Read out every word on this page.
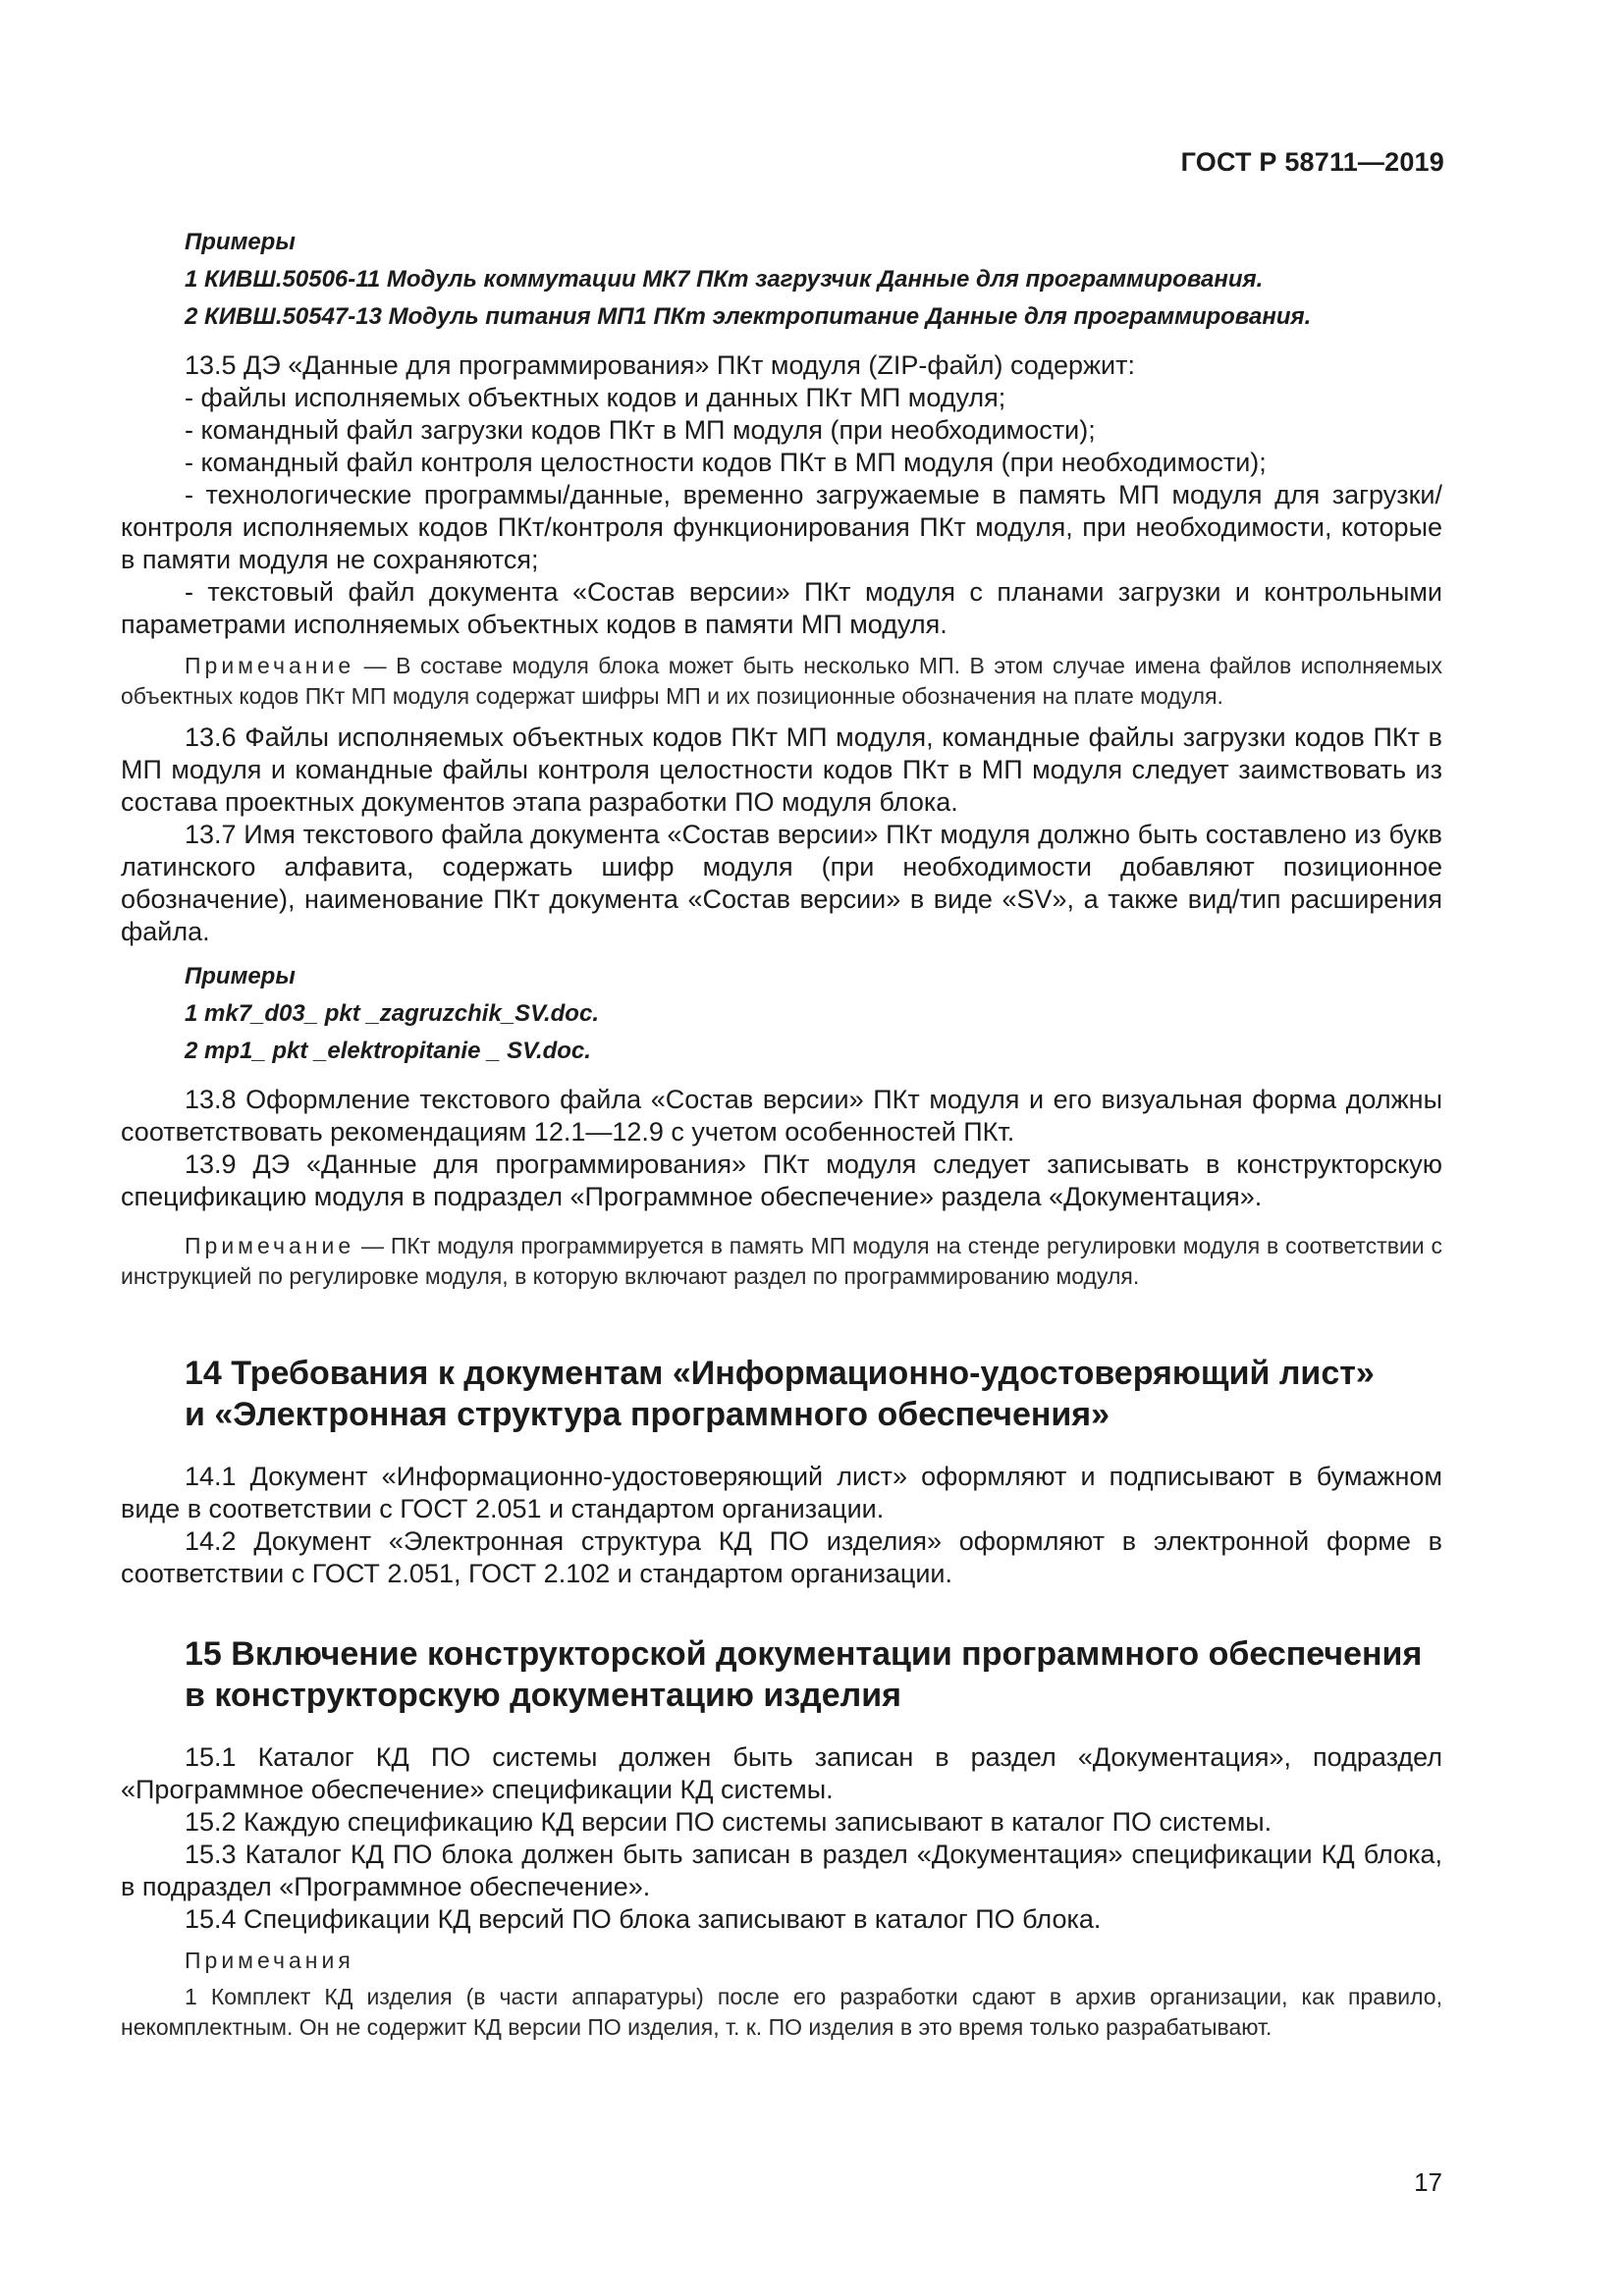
ГОСТ Р 58711—2019
Примеры
1 КИВШ.50506-11 Модуль коммутации МК7 ПКт загрузчик Данные для программирования.
2 КИВШ.50547-13 Модуль питания МП1 ПКт электропитание Данные для программирования.

13.5 ДЭ «Данные для программирования» ПКт модуля (ZIP-файл) содержит:

- файлы исполняемых объектных кодов и данных ПКт МП модуля;

- командный файл загрузки кодов ПКт в МП модуля (при необходимости);

- командный файл контроля целостности кодов ПКт в МП модуля (при необходимости);

- технологические программы/данные, временно загружаемые в память МП модуля для загрузки/контроля исполняемых кодов ПКт/контроля функционирования ПКт модуля, при необходимости, которые в памяти модуля не сохраняются;

- текстовый файл документа «Состав версии» ПКт модуля с планами загрузки и контрольными параметрами исполняемых объектных кодов в памяти МП модуля.

Примечание — В составе модуля блока может быть несколько МП. В этом случае имена файлов исполняемых объектных кодов ПКт МП модуля содержат шифры МП и их позиционные обозначения на плате модуля.

13.6 Файлы исполняемых объектных кодов ПКт МП модуля, командные файлы загрузки кодов ПКт в МП модуля и командные файлы контроля целостности кодов ПКт в МП модуля следует заимствовать из состава проектных документов этапа разработки ПО модуля блока.

13.7 Имя текстового файла документа «Состав версии» ПКт модуля должно быть составлено из букв латинского алфавита, содержать шифр модуля (при необходимости добавляют позиционное обозначение), наименование ПКт документа «Состав версии» в виде «SV», а также вид/тип расширения файла.

Примеры
1 mk7_d03_ pkt _zagruzchik_SV.doc.
2 mp1_ pkt _elektropitanie _ SV.doc.

13.8 Оформление текстового файла «Состав версии» ПКт модуля и его визуальная форма должны соответствовать рекомендациям 12.1—12.9 с учетом особенностей ПКт.

13.9 ДЭ «Данные для программирования» ПКт модуля следует записывать в конструкторскую спецификацию модуля в подраздел «Программное обеспечение» раздела «Документация».

Примечание — ПКт модуля программируется в память МП модуля на стенде регулировки модуля в соответствии с инструкцией по регулировке модуля, в которую включают раздел по программированию модуля.

14 Требования к документам «Информационно-удостоверяющий лист»
и «Электронная структура программного обеспечения»

14.1 Документ «Информационно-удостоверяющий лист» оформляют и подписывают в бумажном виде в соответствии с ГОСТ 2.051 и стандартом организации.

14.2 Документ «Электронная структура КД ПО изделия» оформляют в электронной форме в соответствии с ГОСТ 2.051, ГОСТ 2.102 и стандартом организации.

15 Включение конструкторской документации программного обеспечения
в конструкторскую документацию изделия

15.1 Каталог КД ПО системы должен быть записан в раздел «Документация», подраздел «Программное обеспечение» спецификации КД системы.

15.2 Каждую спецификацию КД версии ПО системы записывают в каталог ПО системы.

15.3 Каталог КД ПО блока должен быть записан в раздел «Документация» спецификации КД блока, в подраздел «Программное обеспечение».

15.4 Спецификации КД версий ПО блока записывают в каталог ПО блока.

Примечания

1 Комплект КД изделия (в части аппаратуры) после его разработки сдают в архив организации, как правило, некомплектным. Он не содержит КД версии ПО изделия, т. к. ПО изделия в это время только разрабатывают.

17
